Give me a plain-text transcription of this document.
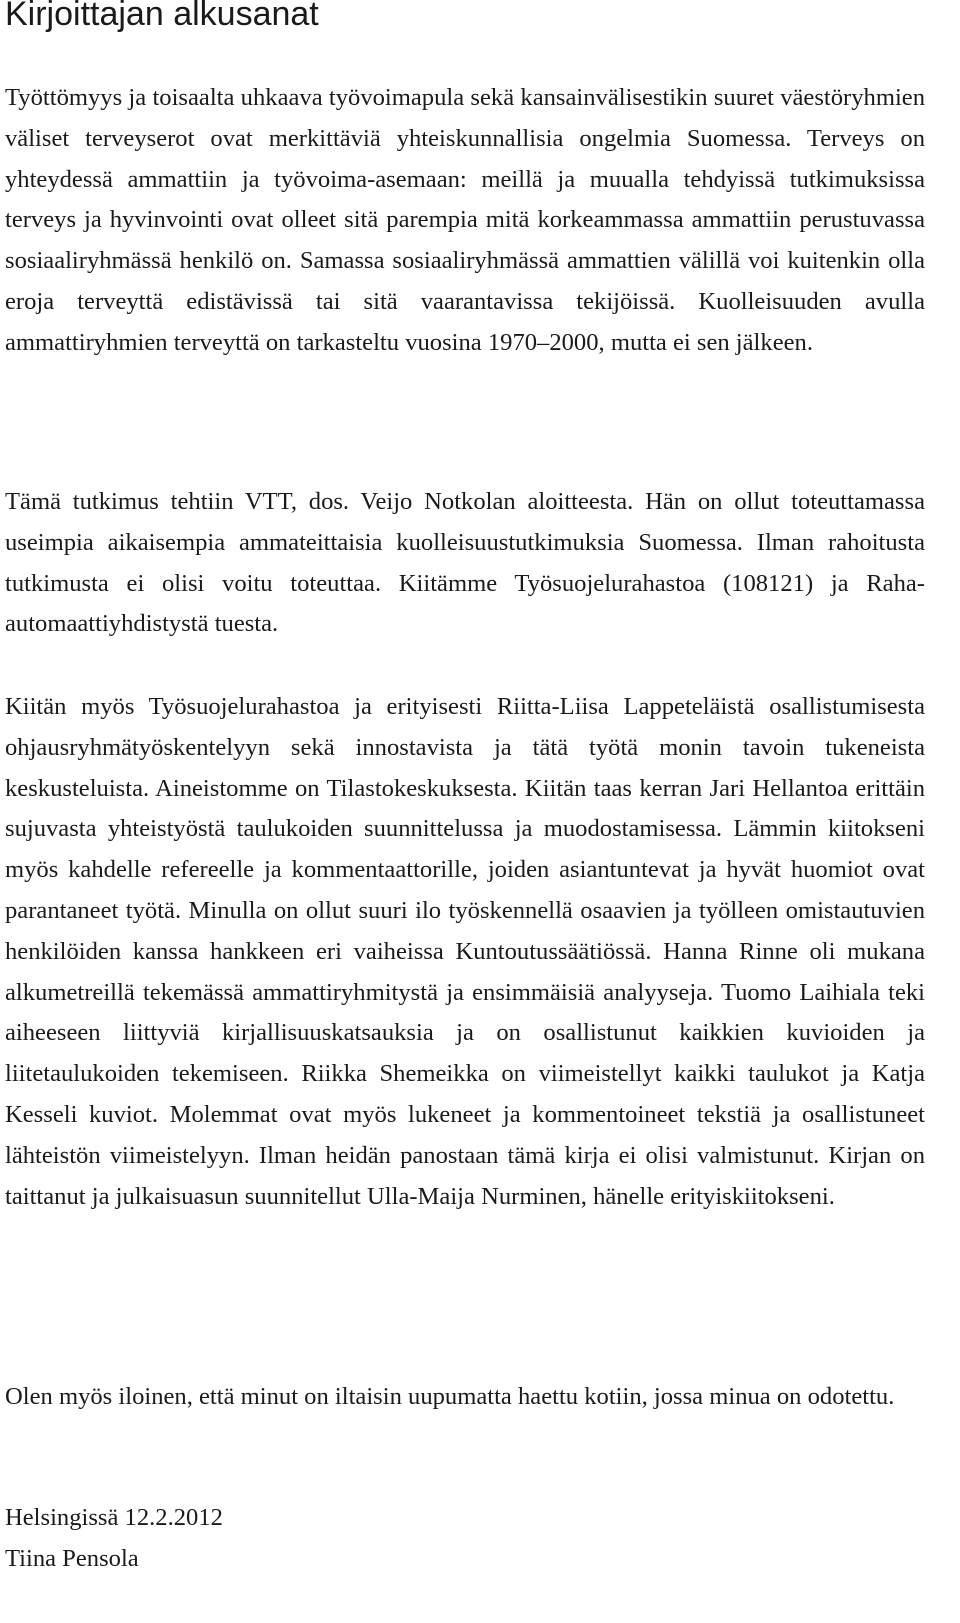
Kirjoittajan alkusanat

Työttömyys ja toisaalta uhkaava työvoimapula sekä kansainvälisestikin suuret väestöryhmien väliset terveyserot ovat merkittäviä yhteiskunnallisia ongelmia Suomessa. Terveys on yhteydessä ammattiin ja työvoima-asemaan: meillä ja muualla tehdyissä tutkimuksissa terveys ja hyvinvointi ovat olleet sitä parempia mitä korkeammassa ammattiin perustuvassa sosiaaliryhmässä henkilö on. Samassa sosiaaliryhmässä ammattien välillä voi kuitenkin olla eroja terveyttä edistävissä tai sitä vaarantavissa tekijöissä. Kuolleisuuden avulla ammattiryhmien terveyttä on tarkasteltu vuosina 1970–2000, mutta ei sen jälkeen.

Tämä tutkimus tehtiin VTT, dos. Veijo Notkolan aloitteesta. Hän on ollut toteuttamassa useimpia aikaisempia ammateittaisia kuolleisuustutkimuksia Suomessa. Ilman rahoitusta tutkimusta ei olisi voitu toteuttaa. Kiitämme Työsuojelurahastoa (108121) ja Raha-automaattiyhdistystä tuesta.

Kiitän myös Työsuojelurahastoa ja erityisesti Riitta-Liisa Lappeteläistä osallistumisesta ohjausryhmätyöskentelyyn sekä innostavista ja tätä työtä monin tavoin tukeneista keskusteluista. Aineistomme on Tilastokeskuksesta. Kiitän taas kerran Jari Hellantoa erittäin sujuvasta yhteistyöstä taulukoiden suunnittelussa ja muodostamisessa. Lämmin kiitokseni myös kahdelle refereelle ja kommentaattorille, joiden asiantuntevat ja hyvät huomiot ovat parantaneet työtä. Minulla on ollut suuri ilo työskennellä osaavien ja työlleen omistautuvien henkilöiden kanssa hankkeen eri vaiheissa Kuntoutussäätiössä. Hanna Rinne oli mukana alkumetreillä tekemässä ammattiryhmitystä ja ensimmäisiä analyyseja. Tuomo Laihiala teki aiheeseen liittyviä kirjallisuuskatsauksia ja on osallistunut kaikkien kuvioiden ja liitetaulukoiden tekemiseen. Riikka Shemeikka on viimeistellyt kaikki taulukot ja Katja Kesseli kuviot. Molemmat ovat myös lukeneet ja kommentoineet tekstiä ja osallistuneet lähteistön viimeistelyyn. Ilman heidän panostaan tämä kirja ei olisi valmistunut. Kirjan on taittanut ja julkaisuasun suunnitellut Ulla-Maija Nurminen, hänelle erityiskiitokseni.

Olen myös iloinen, että minut on iltaisin uupumatta haettu kotiin, jossa minua on odotettu.

Helsingissä 12.2.2012

Tiina Pensola
